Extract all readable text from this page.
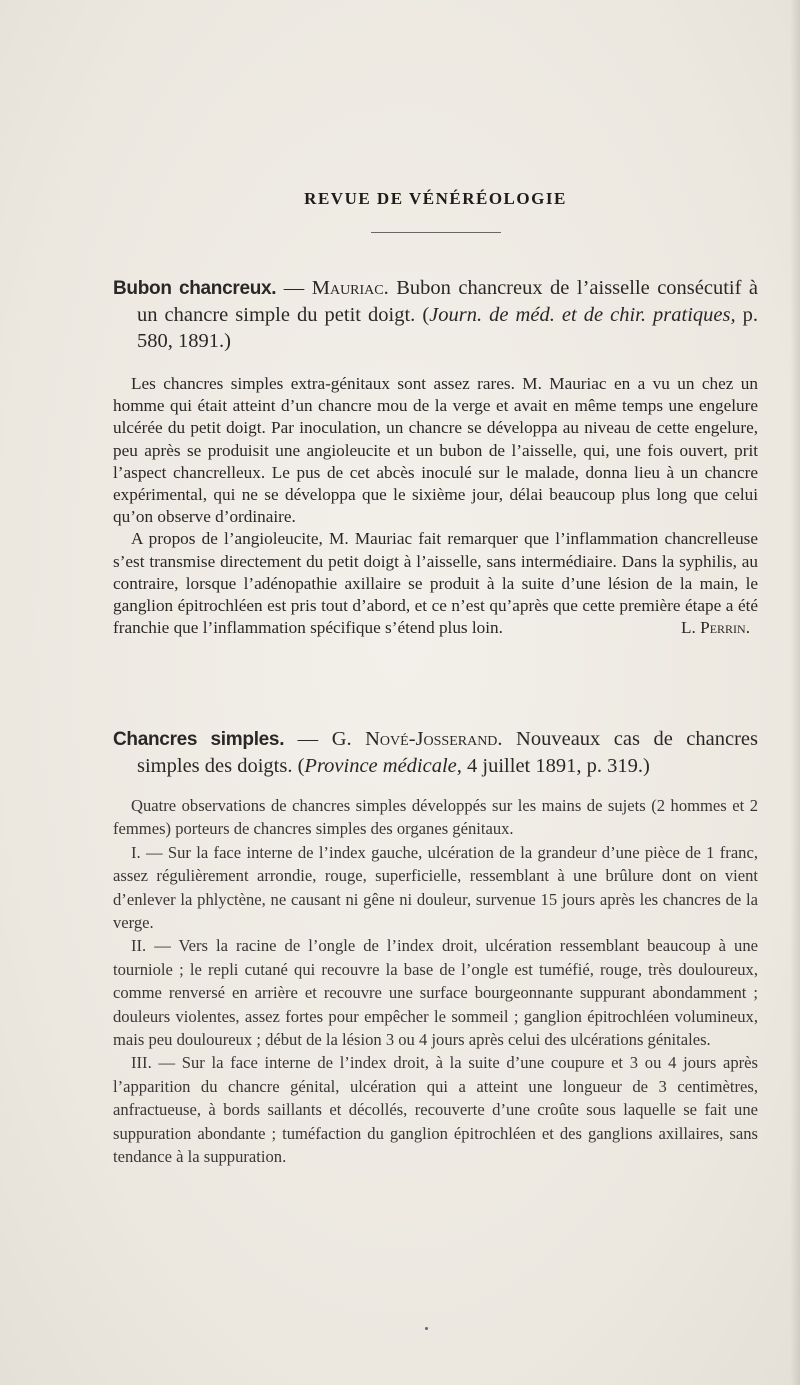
REVUE DE VÉNÉRÉOLOGIE

Bubon chancreux. — Mauriac. Bubon chancreux de l’aisselle consécutif à un chancre simple du petit doigt. (Journ. de méd. et de chir. pratiques, p. 580, 1891.)

Les chancres simples extra-génitaux sont assez rares. M. Mauriac en a vu un chez un homme qui était atteint d’un chancre mou de la verge et avait en même temps une engelure ulcérée du petit doigt. Par inoculation, un chancre se développa au niveau de cette engelure, peu après se produisit une angioleucite et un bubon de l’aisselle, qui, une fois ouvert, prit l’aspect chancrelleux. Le pus de cet abcès inoculé sur le malade, donna lieu à un chancre expérimental, qui ne se développa que le sixième jour, délai beaucoup plus long que celui qu’on observe d’ordinaire.

A propos de l’angioleucite, M. Mauriac fait remarquer que l’inflammation chancrelleuse s’est transmise directement du petit doigt à l’aisselle, sans intermédiaire. Dans la syphilis, au contraire, lorsque l’adénopathie axillaire se produit à la suite d’une lésion de la main, le ganglion épitrochléen est pris tout d’abord, et ce n’est qu’après que cette première étape a été franchie que l’inflammation spécifique s’étend plus loin.	L. Perrin.

Chancres simples. — G. Nové-Josserand. Nouveaux cas de chancres simples des doigts. (Province médicale, 4 juillet 1891, p. 319.)

Quatre observations de chancres simples développés sur les mains de sujets (2 hommes et 2 femmes) porteurs de chancres simples des organes génitaux.

I. — Sur la face interne de l’index gauche, ulcération de la grandeur d’une pièce de 1 franc, assez régulièrement arrondie, rouge, superficielle, ressemblant à une brûlure dont on vient d’enlever la phlyctène, ne causant ni gêne ni douleur, survenue 15 jours après les chancres de la verge.

II. — Vers la racine de l’ongle de l’index droit, ulcération ressemblant beaucoup à une tourniole ; le repli cutané qui recouvre la base de l’ongle est tuméfié, rouge, très douloureux, comme renversé en arrière et recouvre une surface bourgeonnante suppurant abondamment ; douleurs violentes, assez fortes pour empêcher le sommeil ; ganglion épitrochléen volumineux, mais peu douloureux ; début de la lésion 3 ou 4 jours après celui des ulcérations génitales.

III. — Sur la face interne de l’index droit, à la suite d’une coupure et 3 ou 4 jours après l’apparition du chancre génital, ulcération qui a atteint une longueur de 3 centimètres, anfractueuse, à bords saillants et décollés, recouverte d’une croûte sous laquelle se fait une suppuration abondante ; tuméfaction du ganglion épitrochléen et des ganglions axillaires, sans tendance à la suppuration.
